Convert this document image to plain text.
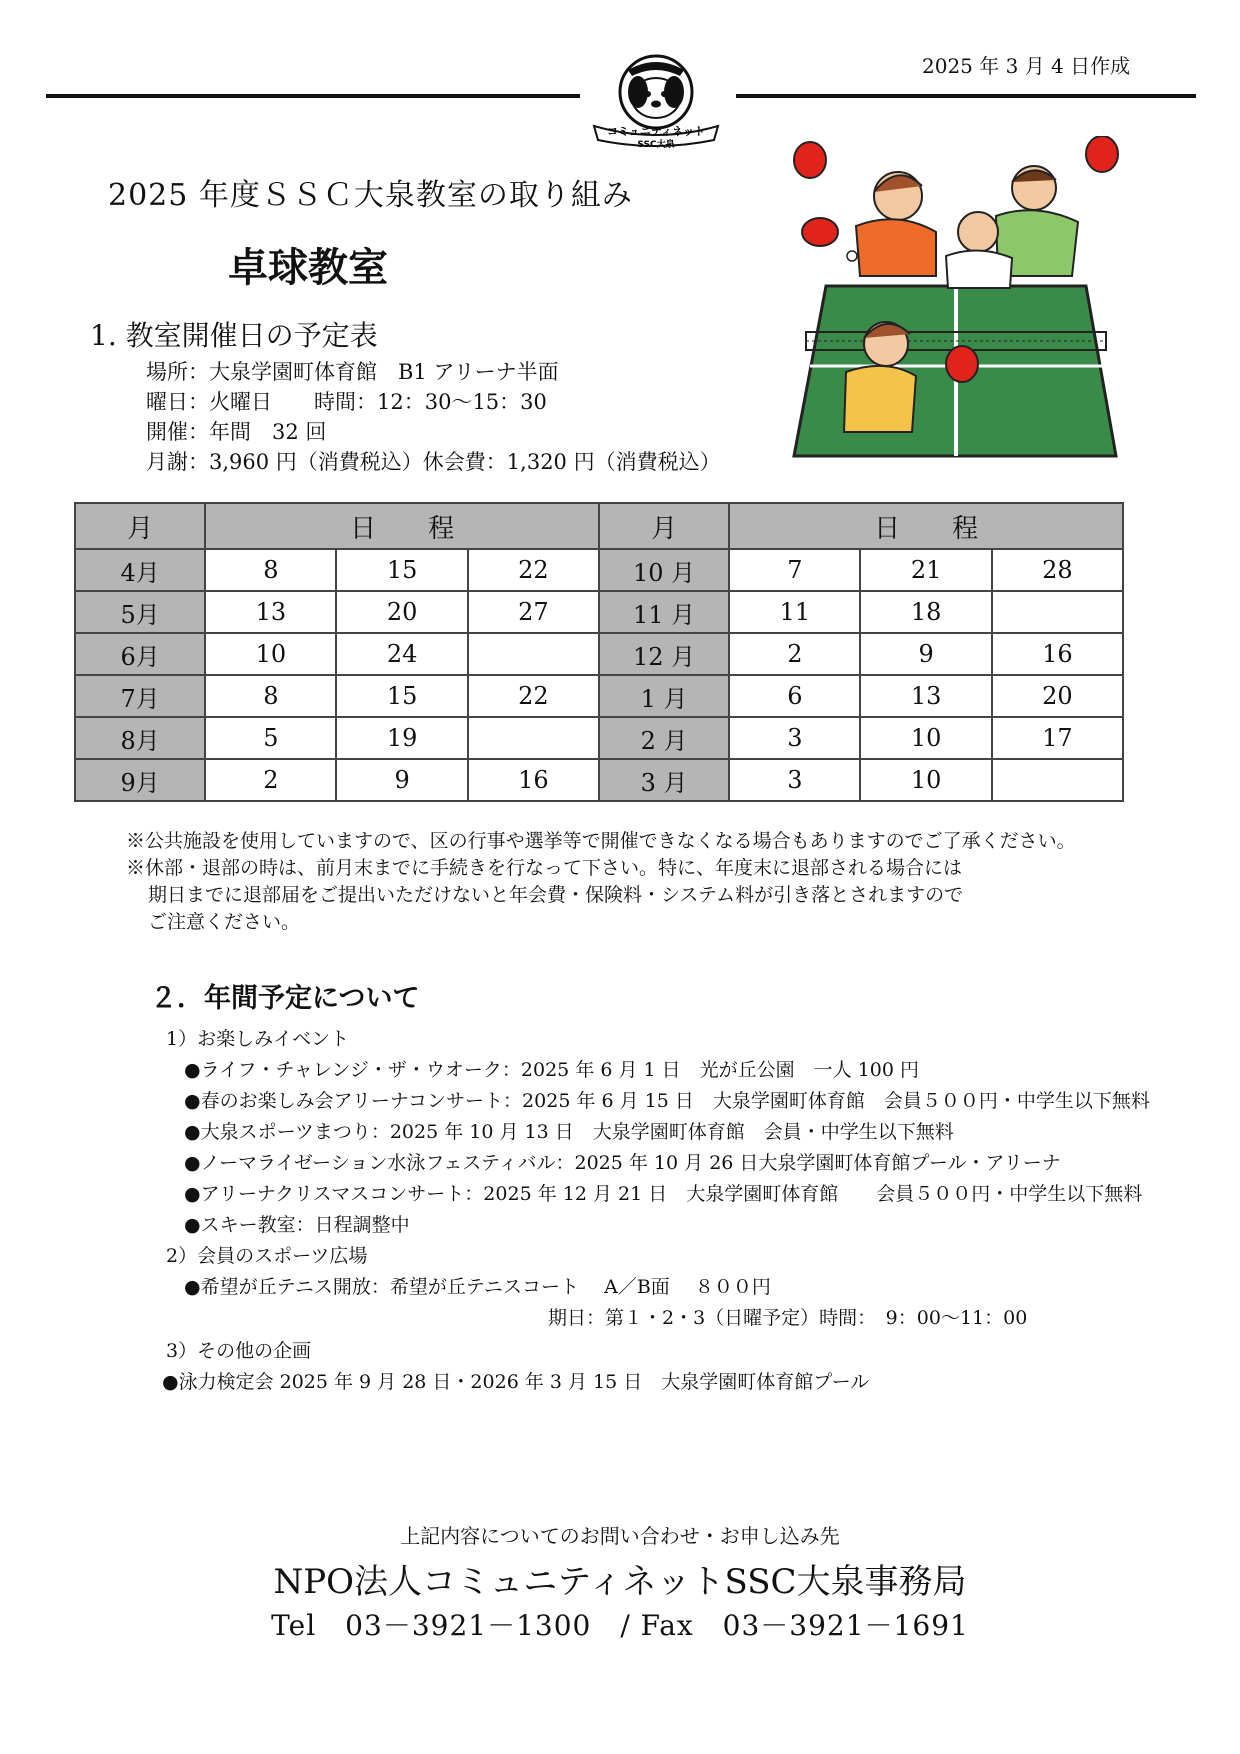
2025 年 3 月 4 日作成
コミュニティネット
SSC大泉
2025 年度ＳＳＣ大泉教室の取り組み
卓球教室
1. 教室開催日の予定表
場所：大泉学園町体育館　B1 アリーナ半面
曜日：火曜日　　時間：12：30〜15：30
開催：年間　32 回
月謝：3,960 円（消費税込）休会費：1,320 円（消費税込）
月	日　　程			月	日　　程		
4月	8	15	22	10 月	7	21	28
5月	13	20	27	11 月	11	18	
6月	10	24		12 月	2	9	16
7月	8	15	22	1 月	6	13	20
8月	5	19		2 月	3	10	17
9月	2	9	16	3 月	3	10	
※公共施設を使用していますので、区の行事や選挙等で開催できなくなる場合もありますのでご了承ください。
※休部・退部の時は、前月末までに手続きを行なって下さい。特に、年度末に退部される場合には
期日までに退部届をご提出いただけないと年会費・保険料・システム料が引き落とされますので
ご注意ください。
２．年間予定について
1）お楽しみイベント
●ライフ・チャレンジ・ザ・ウオーク：2025 年 6 月 1 日　光が丘公園　一人 100 円
●春のお楽しみ会アリーナコンサート：2025 年 6 月 15 日　大泉学園町体育館　会員５００円・中学生以下無料
●大泉スポーツまつり：2025 年 10 月 13 日　大泉学園町体育館　会員・中学生以下無料
●ノーマライゼーション水泳フェスティバル：2025 年 10 月 26 日大泉学園町体育館プール・アリーナ
●アリーナクリスマスコンサート：2025 年 12 月 21 日　大泉学園町体育館　　会員５００円・中学生以下無料
●スキー教室：日程調整中
2）会員のスポーツ広場
●希望が丘テニス開放：希望が丘テニスコート　 A／B面　 ８００円
期日：第１・2・3（日曜予定）時間：　9：00〜11：00
3）その他の企画
●泳力検定会 2025 年 9 月 28 日・2026 年 3 月 15 日　大泉学園町体育館プール
上記内容についてのお問い合わせ・お申し込み先
NPO法人コミュニティネットSSC大泉事務局
Tel　03－3921－1300　/ Fax　03－3921－1691
